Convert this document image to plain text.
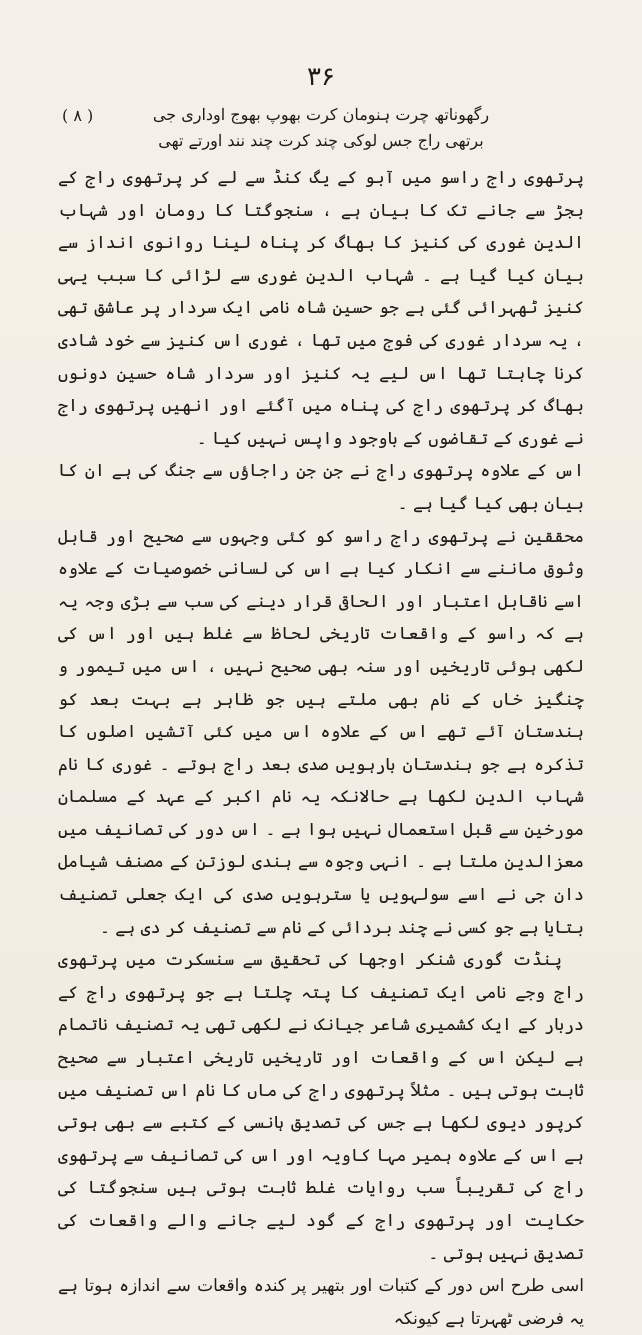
۳۶
( ۸ )	رگھوناتھ چرت ہنومان کرت بھوپ بھوج اوداری جی
برتھی راج جس لوکی چند کرت چند نند اورتے تھی

پرتھوی راج راسو میں آبو کے یگ کنڈ سے لے کر پرتھوی راج کے بجڑ سے جانے تک کا بیان ہے ، سنجوگتا کا رومان اور شہاب الدین غوری کی کنیز کا بھاگ کر پناہ لینا روانوی انداز سے بیان کیا گیا ہے ۔ شہاب الدین غوری سے لڑائی کا سبب یہی کنیز ٹھہرائی گئی ہے جو حسین شاہ نامی ایک سردار پر عاشق تھی ، یہ سردار غوری کی فوج میں تھا ، غوری اس کنیز سے خود شادی کرنا چاہتا تھا اس لیے یہ کنیز اور سردار شاہ حسین دونوں بھاگ کر پرتھوی راج کی پناہ میں آگئے اور انھیں پرتھوی راج نے غوری کے تقاضوں کے باوجود واپس نہیں کیا ۔

اس کے علاوہ پرتھوی راج نے جن جن راجاؤں سے جنگ کی ہے ان کا بیان بھی کیا گیا ہے ۔

محققین نے پرتھوی راج راسو کو کئی وجہوں سے صحیح اور قابل وثوق ماننے سے انکار کیا ہے اس کی لسانی خصوصیات کے علاوہ اسے ناقابل اعتبار اور الحاقی قرار دینے کی سب سے بڑی وجہ یہ ہے کہ راسو کے واقعات تاریخی لحاظ سے غلط ہیں اور اس کی لکھی ہوئی تاریخیں اور سنہ بھی صحیح نہیں ، اس میں تیمور و چنگیز خاں کے نام بھی ملتے ہیں جو ظاہر ہے بہت بعد کو ہندستان آئے تھے اس کے علاوہ اس میں کئی آتشیں اصلوں کا تذکرہ ہے جو ہندستان بارہویں صدی بعد راج ہوتے ۔ غوری کا نام شہاب الدین لکھا ہے حالانکہ یہ نام اکبر کے عہد کے مسلمان مورخین سے قبل استعمال نہیں ہوا ہے ۔ اس دور کی تصانیف میں معزالدین ملتا ہے ۔ انہی وجوہ سے ہندی لوزتن کے مصنف شیامل دان جی نے اسے سولہویں یا سترہویں صدی کی ایک جعلی تصنیف بتایا ہے جو کسی نے چند بردائی کے نام سے تصنیف کر دی ہے ۔

پنڈت گوری شنکر اوجھا کی تحقیق سے سنسکرت میں پرتھوی راج وجے نامی ایک تصنیف کا پتہ چلتا ہے جو پرتھوی راج کے دربار کے ایک کشمیری شاعر جیانک نے لکھی تھی یہ تصنیف ناتمام ہے لیکن اس کے واقعات اور تاریخیں تاریخی اعتبار سے صحیح ثابت ہوتی ہیں ۔ مثلاً پرتھوی راج کی ماں کا نام اس تصنیف میں کرپور دیوی لکھا ہے جس کی تصدیق ہانسی کے کتبے سے بھی ہوتی ہے اس کے علاوہ ہمیر مہا کاویہ اور اس کی تصانیف سے پرتھوی راج کی تقریباً سب روایات غلط ثابت ہوتی ہیں سنجوگتا کی حکایت اور پرتھوی راج کے گود لیے جانے والے واقعات کی تصدیق نہیں ہوتی ۔

اسی طرح اس دور کے کتبات اور بتھیر پر کندہ واقعات سے اندازہ ہوتا ہے یہ فرضی ٹھہرتا ہے کیونکہ
